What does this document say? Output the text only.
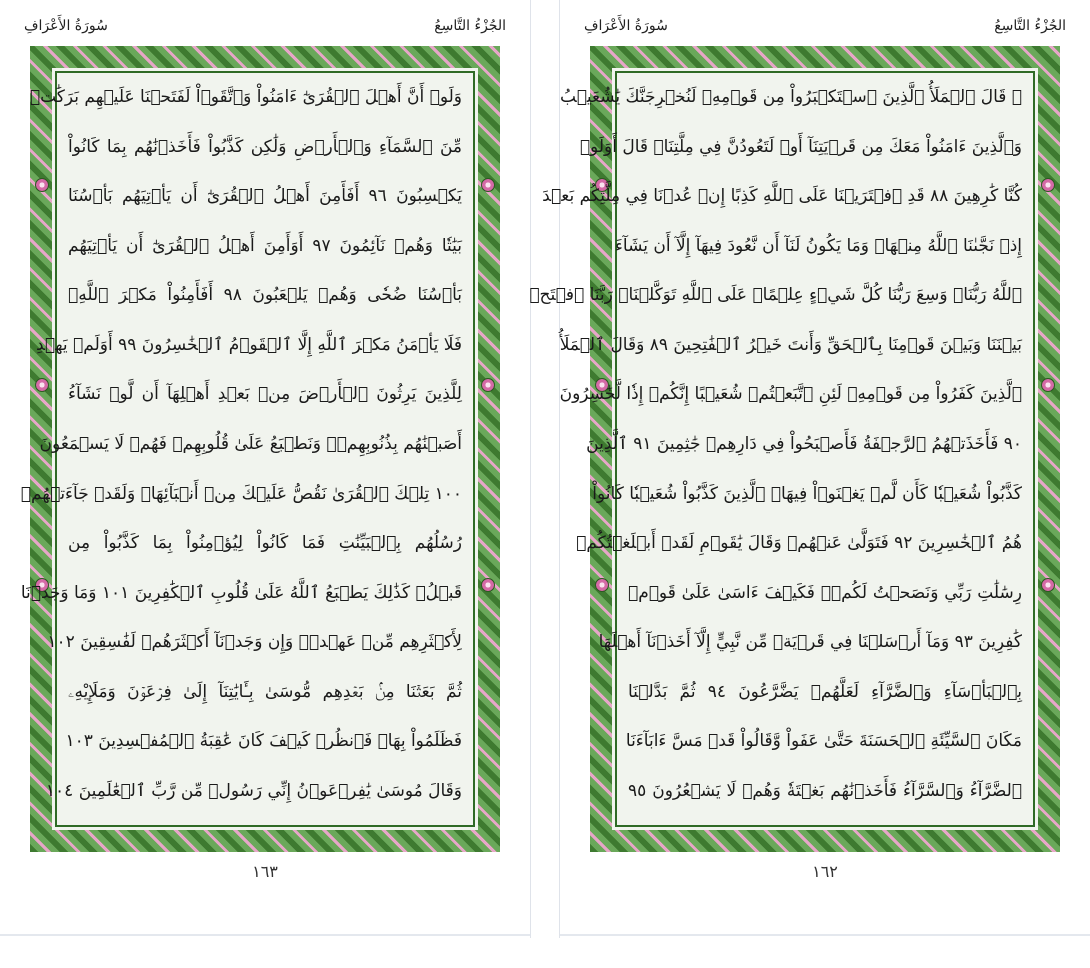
سُورَةُ الأَعْرَافِ	الجُزْءُ التَّاسِعُ
وَلَوۡ أَنَّ أَهۡلَ ٱلۡقُرَىٰٓ ءَامَنُواْ وَٱتَّقَوۡاْ لَفَتَحۡنَا عَلَيۡهِم بَرَكَٰتٖ
مِّنَ ٱلسَّمَآءِ وَٱلۡأَرۡضِ وَلَٰكِن كَذَّبُواْ فَأَخَذۡنَٰهُم بِمَا كَانُواْ
يَكۡسِبُونَ ٩٦ أَفَأَمِنَ أَهۡلُ ٱلۡقُرَىٰٓ أَن يَأۡتِيَهُم بَأۡسُنَا
بَيَٰتٗا وَهُمۡ نَآئِمُونَ ٩٧ أَوَأَمِنَ أَهۡلُ ٱلۡقُرَىٰٓ أَن يَأۡتِيَهُم
بَأۡسُنَا ضُحٗى وَهُمۡ يَلۡعَبُونَ ٩٨ أَفَأَمِنُواْ مَكۡرَ ٱللَّهِۚ
فَلَا يَأۡمَنُ مَكۡرَ ٱللَّهِ إِلَّا ٱلۡقَوۡمُ ٱلۡخَٰسِرُونَ ٩٩ أَوَلَمۡ يَهۡدِ
لِلَّذِينَ يَرِثُونَ ٱلۡأَرۡضَ مِنۢ بَعۡدِ أَهۡلِهَآ أَن لَّوۡ نَشَآءُ
أَصَبۡنَٰهُم بِذُنُوبِهِمۡۚ وَنَطۡبَعُ عَلَىٰ قُلُوبِهِمۡ فَهُمۡ لَا يَسۡمَعُونَ
١٠٠ تِلۡكَ ٱلۡقُرَىٰ نَقُصُّ عَلَيۡكَ مِنۡ أَنۢبَآئِهَاۚ وَلَقَدۡ جَآءَتۡهُمۡ
رُسُلُهُم بِٱلۡبَيِّنَٰتِ فَمَا كَانُواْ لِيُؤۡمِنُواْ بِمَا كَذَّبُواْ مِن
قَبۡلُۚ كَذَٰلِكَ يَطۡبَعُ ٱللَّهُ عَلَىٰ قُلُوبِ ٱلۡكَٰفِرِينَ ١٠١ وَمَا وَجَدۡنَا
لِأَكۡثَرِهِم مِّنۡ عَهۡدٖۖ وَإِن وَجَدۡنَآ أَكۡثَرَهُمۡ لَفَٰسِقِينَ ١٠٢
ثُمَّ بَعَثۡنَا مِنۢ بَعۡدِهِم مُّوسَىٰ بِـَٔايَٰتِنَآ إِلَىٰ فِرۡعَوۡنَ وَمَلَإِيْهِۦ
فَظَلَمُواْ بِهَاۖ فَٱنظُرۡ كَيۡفَ كَانَ عَٰقِبَةُ ٱلۡمُفۡسِدِينَ ١٠٣
وَقَالَ مُوسَىٰ يَٰفِرۡعَوۡنُ إِنِّي رَسُولٞ مِّن رَّبِّ ٱلۡعَٰلَمِينَ ١٠٤
١٦٣
سُورَةُ الأَعْرَافِ	الجُزْءُ التَّاسِعُ
۞ قَالَ ٱلۡمَلَأُ ٱلَّذِينَ ٱسۡتَكۡبَرُواْ مِن قَوۡمِهِۦ لَنُخۡرِجَنَّكَ يَٰشُعَيۡبُ
وَٱلَّذِينَ ءَامَنُواْ مَعَكَ مِن قَرۡيَتِنَآ أَوۡ لَتَعُودُنَّ فِي مِلَّتِنَاۚ قَالَ أَوَلَوۡ
كُنَّا كَٰرِهِينَ ٨٨ قَدِ ٱفۡتَرَيۡنَا عَلَى ٱللَّهِ كَذِبًا إِنۡ عُدۡنَا فِي مِلَّتِكُم بَعۡدَ
إِذۡ نَجَّىٰنَا ٱللَّهُ مِنۡهَاۚ وَمَا يَكُونُ لَنَآ أَن نَّعُودَ فِيهَآ إِلَّآ أَن يَشَآءَ
ٱللَّهُ رَبُّنَاۚ وَسِعَ رَبُّنَا كُلَّ شَيۡءٍ عِلۡمًاۚ عَلَى ٱللَّهِ تَوَكَّلۡنَاۚ رَبَّنَا ٱفۡتَحۡ
بَيۡنَنَا وَبَيۡنَ قَوۡمِنَا بِٱلۡحَقِّ وَأَنتَ خَيۡرُ ٱلۡفَٰتِحِينَ ٨٩ وَقَالَ ٱلۡمَلَأُ
ٱلَّذِينَ كَفَرُواْ مِن قَوۡمِهِۦ لَئِنِ ٱتَّبَعۡتُمۡ شُعَيۡبًا إِنَّكُمۡ إِذٗا لَّخَٰسِرُونَ
٩٠ فَأَخَذَتۡهُمُ ٱلرَّجۡفَةُ فَأَصۡبَحُواْ فِي دَارِهِمۡ جَٰثِمِينَ ٩١ ٱلَّذِينَ
كَذَّبُواْ شُعَيۡبٗا كَأَن لَّمۡ يَغۡنَوۡاْ فِيهَاۚ ٱلَّذِينَ كَذَّبُواْ شُعَيۡبٗا كَانُواْ
هُمُ ٱلۡخَٰسِرِينَ ٩٢ فَتَوَلَّىٰ عَنۡهُمۡ وَقَالَ يَٰقَوۡمِ لَقَدۡ أَبۡلَغۡتُكُمۡ
رِسَٰلَٰتِ رَبِّي وَنَصَحۡتُ لَكُمۡۖ فَكَيۡفَ ءَاسَىٰ عَلَىٰ قَوۡمٖ
كَٰفِرِينَ ٩٣ وَمَآ أَرۡسَلۡنَا فِي قَرۡيَةٖ مِّن نَّبِيٍّ إِلَّآ أَخَذۡنَآ أَهۡلَهَا
بِٱلۡبَأۡسَآءِ وَٱلضَّرَّآءِ لَعَلَّهُمۡ يَضَّرَّعُونَ ٩٤ ثُمَّ بَدَّلۡنَا
مَكَانَ ٱلسَّيِّئَةِ ٱلۡحَسَنَةَ حَتَّىٰ عَفَواْ وَّقَالُواْ قَدۡ مَسَّ ءَابَآءَنَا
ٱلضَّرَّآءُ وَٱلسَّرَّآءُ فَأَخَذۡنَٰهُم بَغۡتَةٗ وَهُمۡ لَا يَشۡعُرُونَ ٩٥
١٦٢
